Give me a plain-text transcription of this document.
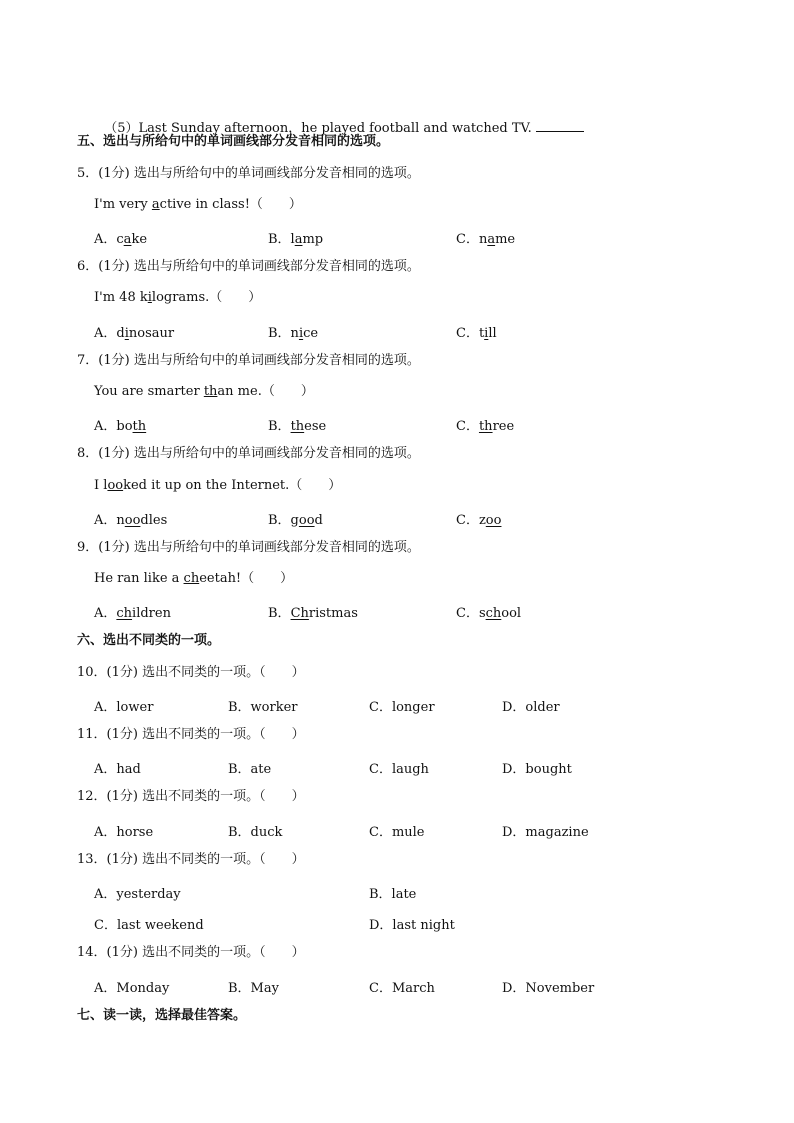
（5）Last Sunday afternoon，he played football and watched TV.

五、选出与所给句中的单词画线部分发音相同的选项。
5．(1分) 选出与所给句中的单词画线部分发音相同的选项。
I'm very active in class!（　　）
A．cake	B．lamp	C．name
6．(1分) 选出与所给句中的单词画线部分发音相同的选项。
I'm 48 kilograms.（　　）
A．dinosaur	B．nice	C．till
7．(1分) 选出与所给句中的单词画线部分发音相同的选项。
You are smarter than me.（　　）
A．both	B．these	C．three
8．(1分) 选出与所给句中的单词画线部分发音相同的选项。
I looked it up on the Internet.（　　）
A．noodles	B．good	C．zoo
9．(1分) 选出与所给句中的单词画线部分发音相同的选项。
He ran like a cheetah!（　　）
A．children	B．Christmas	C．school
六、选出不同类的一项。
10．(1分) 选出不同类的一项。（　　）
A．lower	B．worker	C．longer	D．older
11．(1分) 选出不同类的一项。（　　）
A．had	B．ate	C．laugh	D．bought
12．(1分) 选出不同类的一项。（　　）
A．horse	B．duck	C．mule	D．magazine
13．(1分) 选出不同类的一项。（　　）
A．yesterday	B．late
C．last weekend	D．last night
14．(1分) 选出不同类的一项。（　　）
A．Monday	B．May	C．March	D．November
七、读一读，选择最佳答案。
